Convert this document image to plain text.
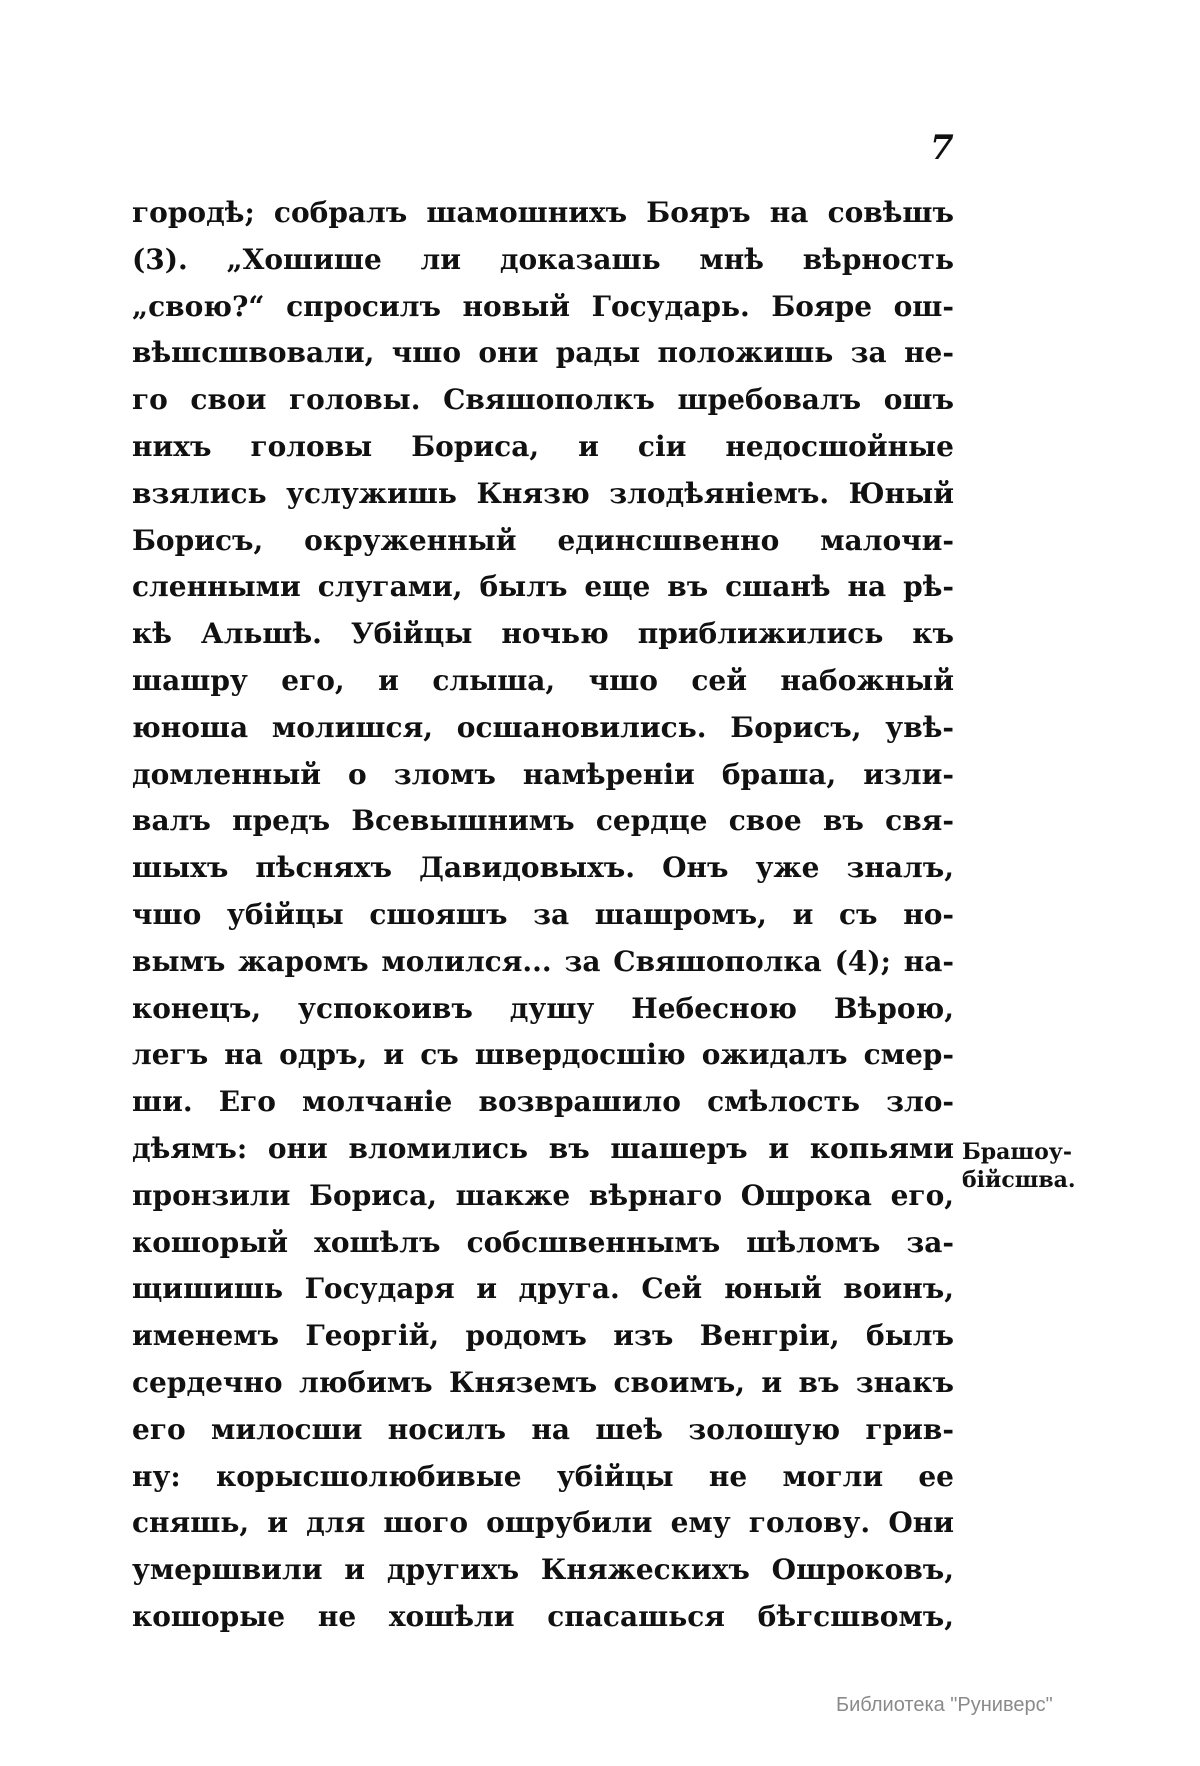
7
городѣ; собралъ шамошнихъ Бояръ на совѣшъ
(3). „Хошише ли доказашь мнѣ вѣрность
„свою?“ спросилъ новый Государь. Бояре ош-
вѣшсшвовали, чшо они рады положишь за не-
го свои головы. Свяшополкъ шребовалъ ошъ
нихъ головы Бориса, и сіи недосшойные
взялись услужишь Князю злодѣяніемъ. Юный
Борисъ, окруженный единсшвенно малочи-
сленными слугами, былъ еще въ сшанѣ на рѣ-
кѣ Альшѣ. Убійцы ночью приближились къ
шашру его, и слыша, чшо сей набожный
юноша молишся, осшановились. Борисъ, увѣ-
домленный о зломъ намѣреніи браша, изли-
валъ предъ Всевышнимъ сердце свое въ свя-
шыхъ пѣсняхъ Давидовыхъ. Онъ уже зналъ,
чшо убійцы сшояшъ за шашромъ, и съ но-
вымъ жаромъ молился... за Свяшополка (4); на-
конецъ, успокоивъ душу Небесною Вѣрою,
легъ на одръ, и съ швердосшію ожидалъ смер-
ши. Его молчаніе возврашило смѣлость зло-
дѣямъ: они вломились въ шашеръ и копьями
пронзили Бориса, шакже вѣрнаго Ошрока его,
кошорый хошѣлъ собсшвеннымъ шѣломъ за-
щишишь Государя и друга. Сей юный воинъ,
именемъ Георгій, родомъ изъ Венгріи, былъ
сердечно любимъ Княземъ своимъ, и въ знакъ
его милосши носилъ на шеѣ золошую грив-
ну: корысшолюбивые убійцы не могли ее
сняшь, и для шого ошрубили ему голову. Они
умершвили и другихъ Княжескихъ Ошроковъ,
кошорые не хошѣли спасашься бѣгсшвомъ,
Брашоу-
бійсшва.
Библиотека "Руниверс"
